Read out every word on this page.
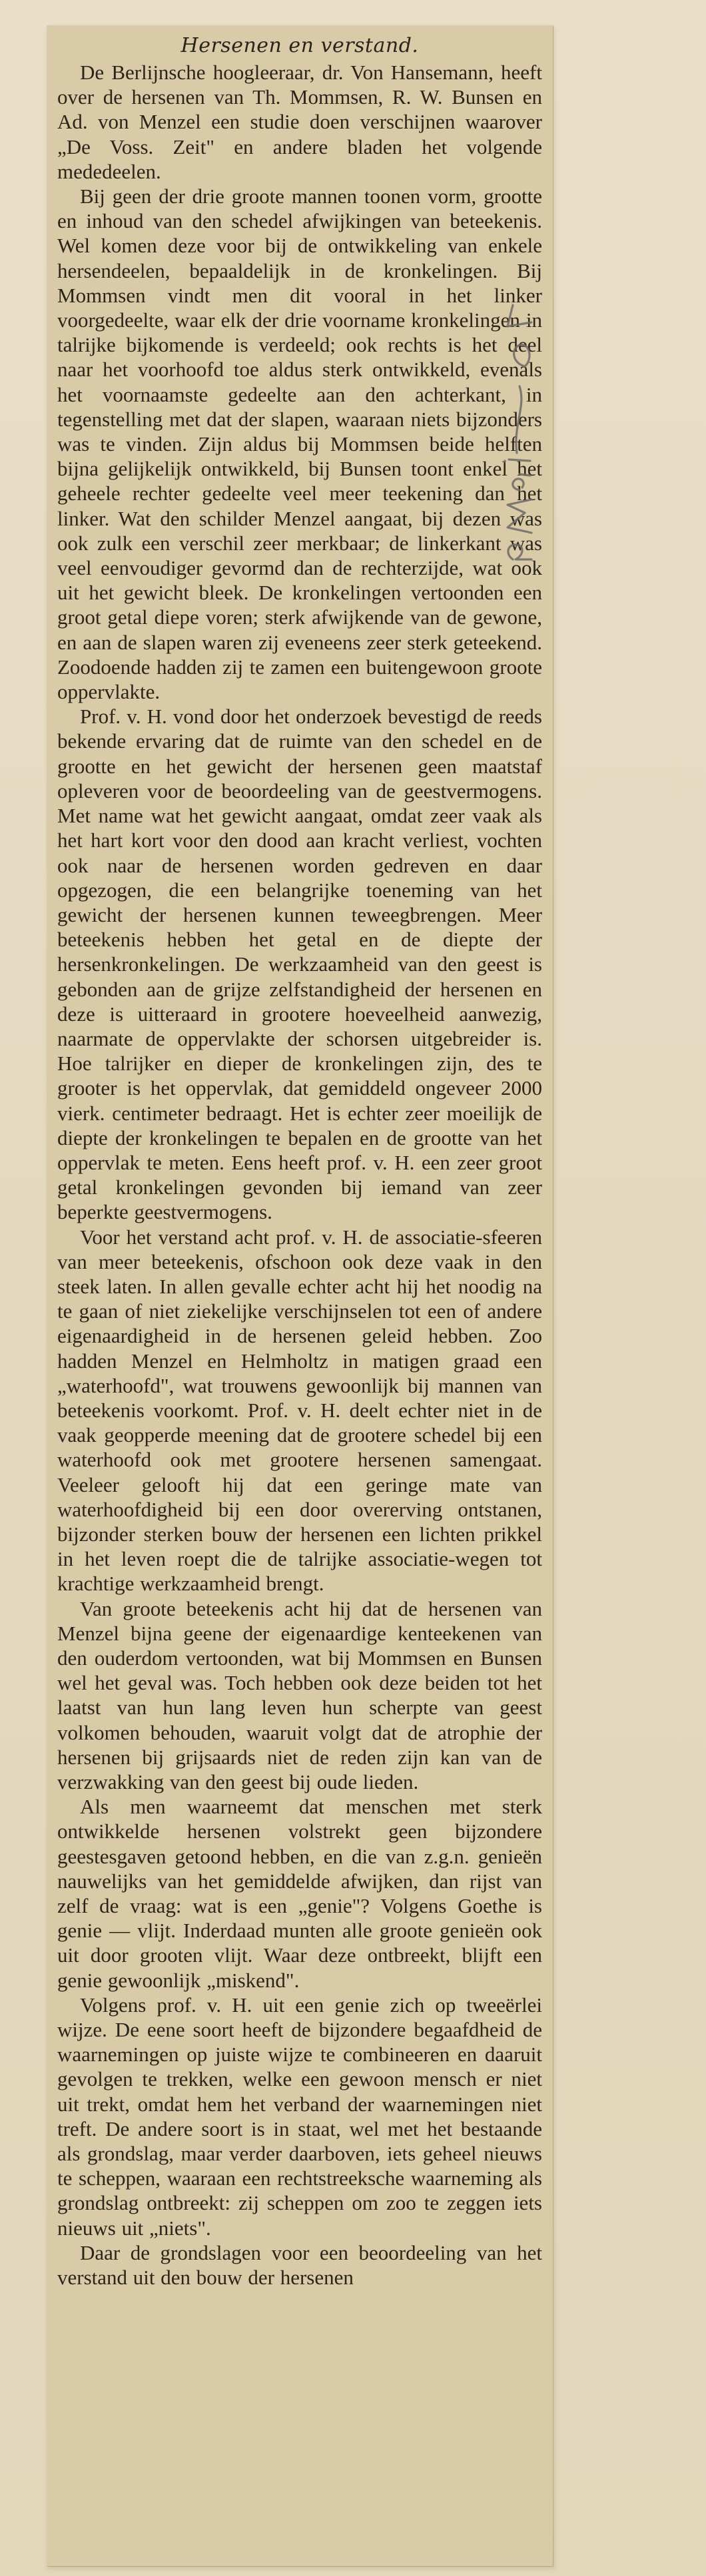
Hersenen en verstand.

De Berlijnsche hoogleeraar, dr. Von Hansemann, heeft over de hersenen van Th. Mommsen, R. W. Bunsen en Ad. von Menzel een studie doen verschijnen waarover „De Voss. Zeit" en andere bladen het volgende mededeelen.

Bij geen der drie groote mannen toonen vorm, grootte en inhoud van den schedel afwijkingen van beteekenis. Wel komen deze voor bij de ontwikkeling van enkele hersendeelen, bepaaldelijk in de kronkelingen. Bij Mommsen vindt men dit vooral in het linker voorgedeelte, waar elk der drie voorname kronkelingen in talrijke bijkomende is verdeeld; ook rechts is het deel naar het voorhoofd toe aldus sterk ontwikkeld, evenals het voornaamste gedeelte aan den achterkant, in tegenstelling met dat der slapen, waaraan niets bijzonders was te vinden. Zijn aldus bij Mommsen beide helften bijna gelijkelijk ontwikkeld, bij Bunsen toont enkel het geheele rechter gedeelte veel meer teekening dan het linker. Wat den schilder Menzel aangaat, bij dezen was ook zulk een verschil zeer merkbaar; de linkerkant was veel eenvoudiger gevormd dan de rechterzijde, wat ook uit het gewicht bleek. De kronkelingen vertoonden een groot getal diepe voren; sterk afwijkende van de gewone, en aan de slapen waren zij eveneens zeer sterk geteekend. Zoodoende hadden zij te zamen een buitengewoon groote oppervlakte.

Prof. v. H. vond door het onderzoek bevestigd de reeds bekende ervaring dat de ruimte van den schedel en de grootte en het gewicht der hersenen geen maatstaf opleveren voor de beoordeeling van de geestvermogens. Met name wat het gewicht aangaat, omdat zeer vaak als het hart kort voor den dood aan kracht verliest, vochten ook naar de hersenen worden gedreven en daar opgezogen, die een belangrijke toeneming van het gewicht der hersenen kunnen teweegbrengen. Meer beteekenis hebben het getal en de diepte der hersenkronkelingen. De werkzaamheid van den geest is gebonden aan de grijze zelfstandigheid der hersenen en deze is uitteraard in grootere hoeveelheid aanwezig, naarmate de oppervlakte der schorsen uitgebreider is. Hoe talrijker en dieper de kronkelingen zijn, des te grooter is het oppervlak, dat gemiddeld ongeveer 2000 vierk. centimeter bedraagt. Het is echter zeer moeilijk de diepte der kronkelingen te bepalen en de grootte van het oppervlak te meten. Eens heeft prof. v. H. een zeer groot getal kronkelingen gevonden bij iemand van zeer beperkte geestvermogens.

Voor het verstand acht prof. v. H. de associatie-sfeeren van meer beteekenis, ofschoon ook deze vaak in den steek laten. In allen gevalle echter acht hij het noodig na te gaan of niet ziekelijke verschijnselen tot een of andere eigenaardigheid in de hersenen geleid hebben. Zoo hadden Menzel en Helmholtz in matigen graad een „waterhoofd", wat trouwens gewoonlijk bij mannen van beteekenis voorkomt. Prof. v. H. deelt echter niet in de vaak geopperde meening dat de grootere schedel bij een waterhoofd ook met grootere hersenen samengaat. Veeleer gelooft hij dat een geringe mate van waterhoofdigheid bij een door overerving ontstanen, bijzonder sterken bouw der hersenen een lichten prikkel in het leven roept die de talrijke associatie-wegen tot krachtige werkzaamheid brengt.

Van groote beteekenis acht hij dat de hersenen van Menzel bijna geene der eigenaardige kenteekenen van den ouderdom vertoonden, wat bij Mommsen en Bunsen wel het geval was. Toch hebben ook deze beiden tot het laatst van hun lang leven hun scherpte van geest volkomen behouden, waaruit volgt dat de atrophie der hersenen bij grijsaards niet de reden zijn kan van de verzwakking van den geest bij oude lieden.

Als men waarneemt dat menschen met sterk ontwikkelde hersenen volstrekt geen bijzondere geestesgaven getoond hebben, en die van z.g.n. genieën nauwelijks van het gemiddelde afwijken, dan rijst van zelf de vraag: wat is een „genie"? Volgens Goethe is genie — vlijt. Inderdaad munten alle groote genieën ook uit door grooten vlijt. Waar deze ontbreekt, blijft een genie gewoonlijk „miskend".

Volgens prof. v. H. uit een genie zich op tweeërlei wijze. De eene soort heeft de bijzondere begaafdheid de waarnemingen op juiste wijze te combineeren en daaruit gevolgen te trekken, welke een gewoon mensch er niet uit trekt, omdat hem het verband der waarnemingen niet treft. De andere soort is in staat, wel met het bestaande als grondslag, maar verder daarboven, iets geheel nieuws te scheppen, waaraan een rechtstreeksche waarneming als grondslag ontbreekt: zij scheppen om zoo te zeggen iets nieuws uit „niets".

Daar de grondslagen voor een beoordeeling van het verstand uit den bouw der hersenen
